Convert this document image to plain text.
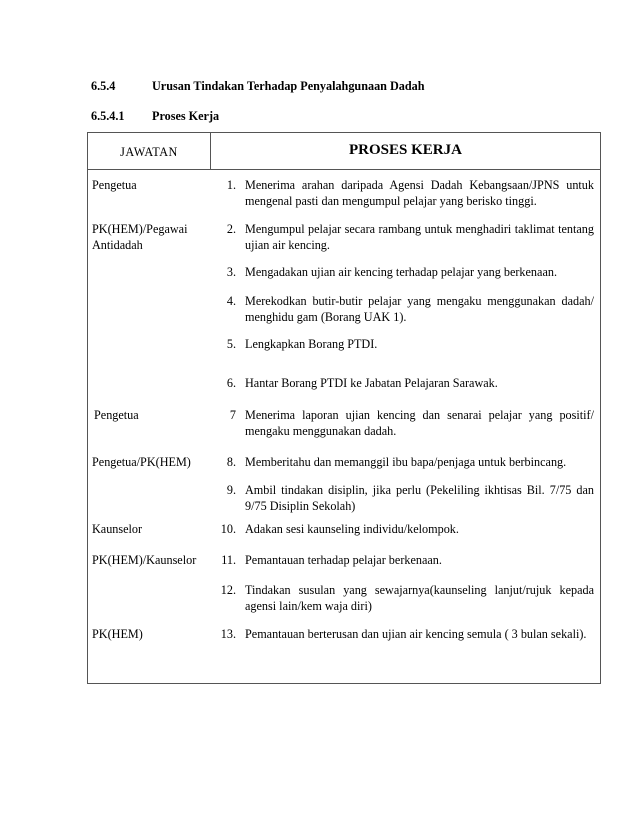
6.5.4	Urusan Tindakan Terhadap Penyalahgunaan Dadah
6.5.4.1 Proses Kerja
JAWATAN	PROSES KERJA
Pengetua
PK(HEM)/Pegawai Antidadah
Pengetua
Pengetua/PK(HEM)
Kaunselor
PK(HEM)/Kaunselor
PK(HEM)
1. Menerima arahan daripada Agensi Dadah Kebangsaan/JPNS untuk mengenal pasti dan mengumpul pelajar yang berisko tinggi.
2. Mengumpul pelajar secara rambang untuk menghadiri taklimat tentang ujian air kencing.
3. Mengadakan ujian air kencing terhadap pelajar yang berkenaan.
4. Merekodkan butir-butir pelajar yang mengaku menggunakan dadah/ menghidu gam (Borang UAK 1).
5. Lengkapkan Borang PTDI.
6. Hantar Borang PTDI ke Jabatan Pelajaran Sarawak.
7 Menerima laporan ujian kencing dan senarai pelajar yang positif/ mengaku menggunakan dadah.
8. Memberitahu dan memanggil ibu bapa/penjaga untuk berbincang.
9. Ambil tindakan disiplin, jika perlu (Pekeliling ikhtisas Bil. 7/75 dan 9/75 Disiplin Sekolah)
10. Adakan sesi kaunseling individu/kelompok.
11. Pemantauan terhadap pelajar berkenaan.
12. Tindakan susulan yang sewajarnya(kaunseling lanjut/rujuk kepada agensi lain/kem waja diri)
13. Pemantauan berterusan dan ujian air kencing semula ( 3 bulan sekali).
